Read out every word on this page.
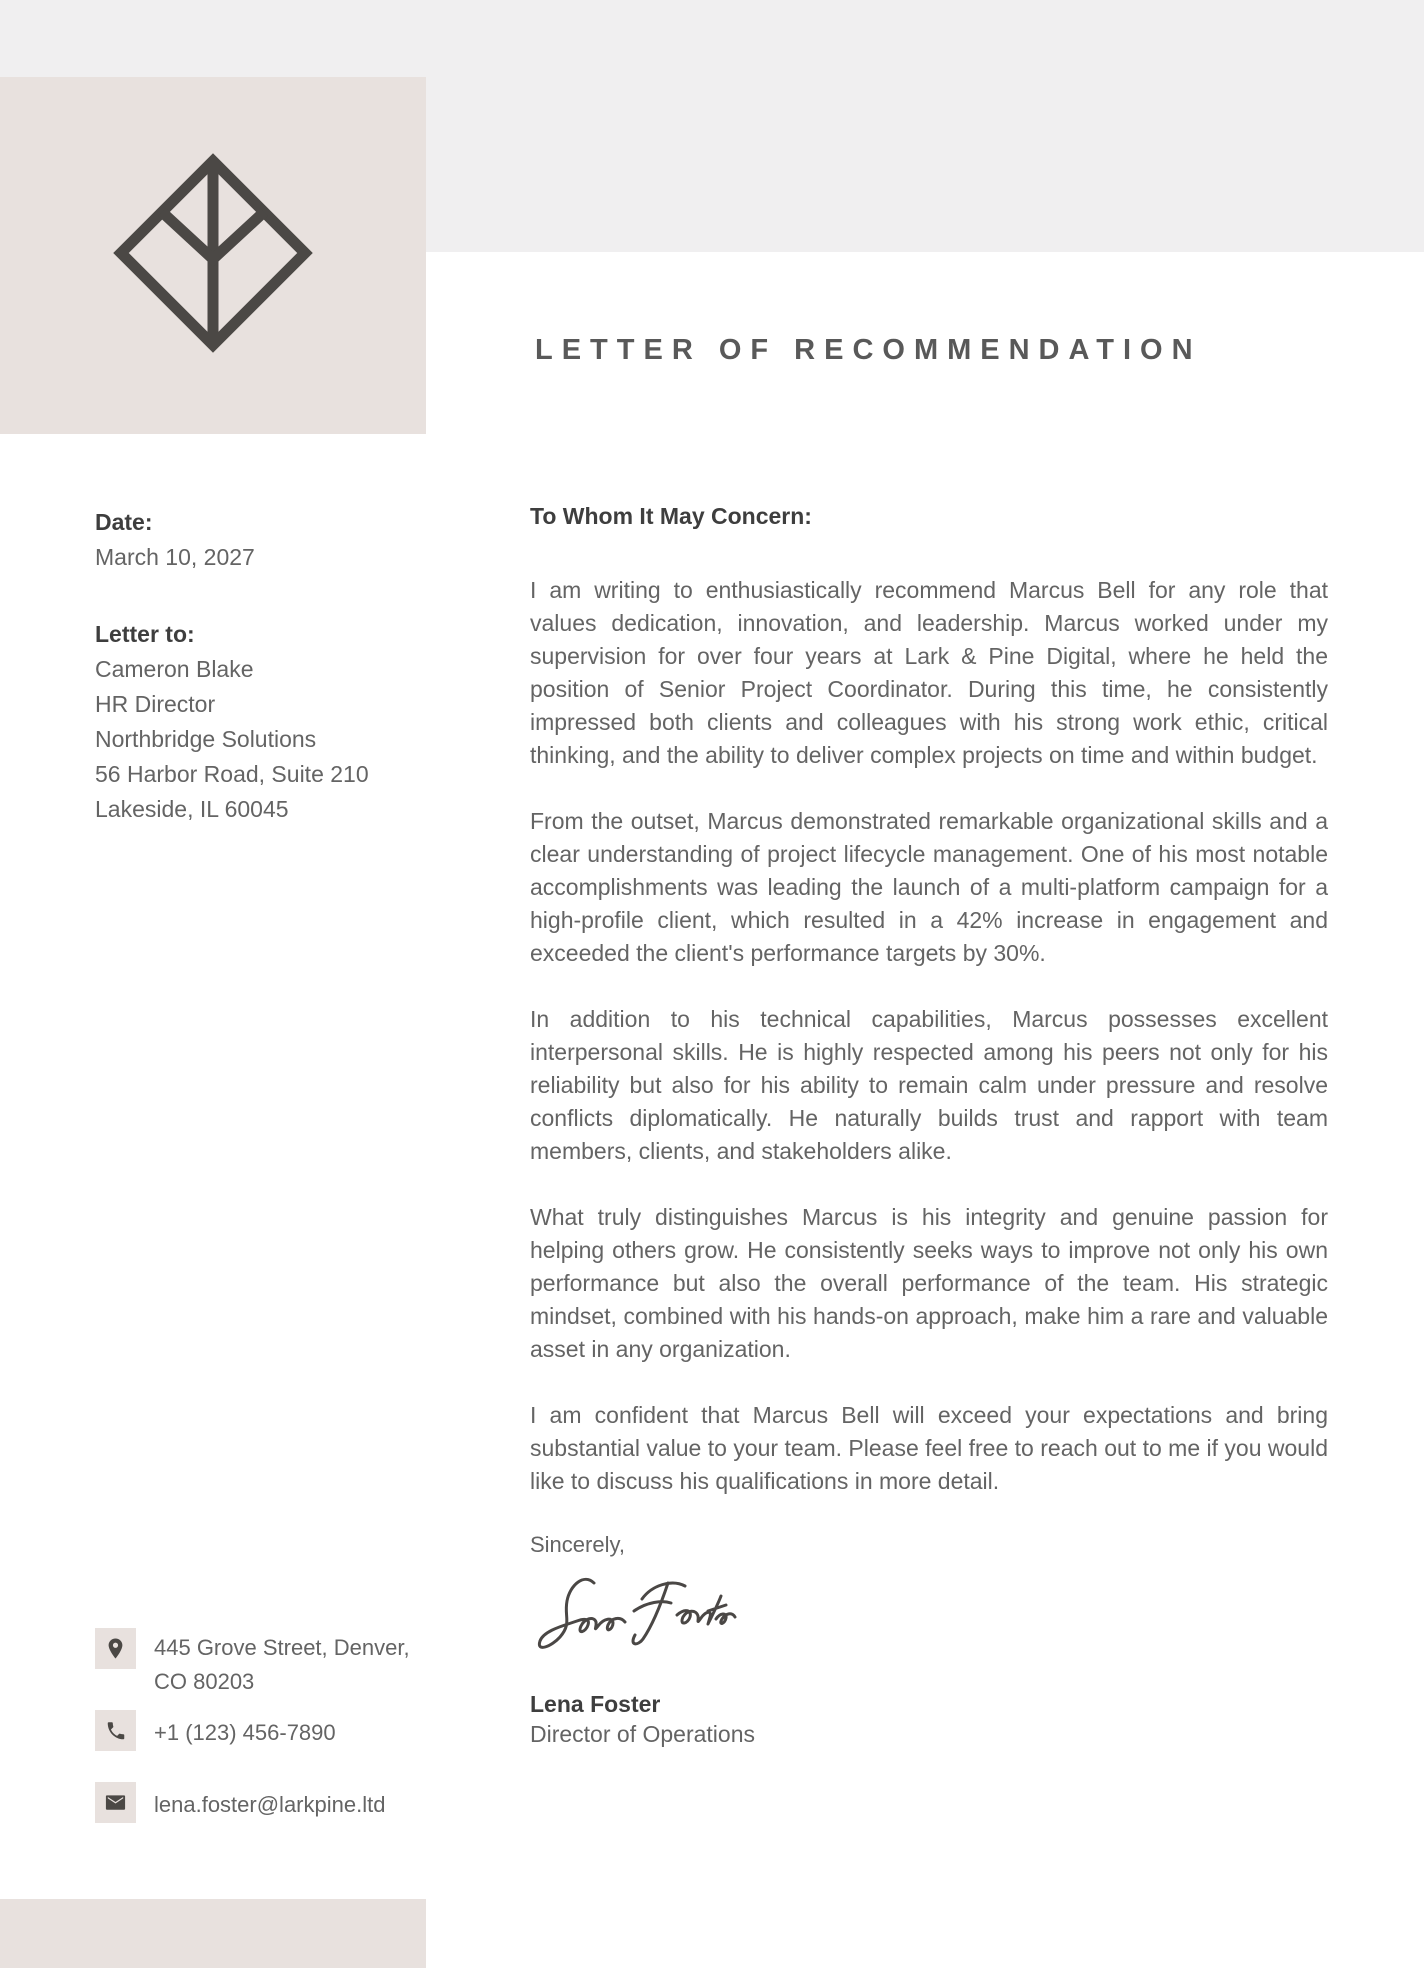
LETTER OF RECOMMENDATION
Date:
March 10, 2027
Letter to:
Cameron Blake
HR Director
Northbridge Solutions
56 Harbor Road, Suite 210
Lakeside, IL 60045
445 Grove Street, Denver,
CO 80203
+1 (123) 456-7890
lena.foster@larkpine.ltd
To Whom It May Concern:

I am writing to enthusiastically recommend Marcus Bell for any role that values dedication, innovation, and leadership. Marcus worked under my supervision for over four years at Lark & Pine Digital, where he held the position of Senior Project Coordinator. During this time, he consistently impressed both clients and colleagues with his strong work ethic, critical thinking, and the ability to deliver complex projects on time and within budget.

From the outset, Marcus demonstrated remarkable organizational skills and a clear understanding of project lifecycle management. One of his most notable accomplishments was leading the launch of a multi-platform campaign for a high-profile client, which resulted in a 42% increase in engagement and exceeded the client's performance targets by 30%.

In addition to his technical capabilities, Marcus possesses excellent interpersonal skills. He is highly respected among his peers not only for his reliability but also for his ability to remain calm under pressure and resolve conflicts diplomatically. He naturally builds trust and rapport with team members, clients, and stakeholders alike.

What truly distinguishes Marcus is his integrity and genuine passion for helping others grow. He consistently seeks ways to improve not only his own performance but also the overall performance of the team. His strategic mindset, combined with his hands-on approach, make him a rare and valuable asset in any organization.

I am confident that Marcus Bell will exceed your expectations and bring substantial value to your team. Please feel free to reach out to me if you would like to discuss his qualifications in more detail.

Sincerely,
Lena Foster
Director of Operations
